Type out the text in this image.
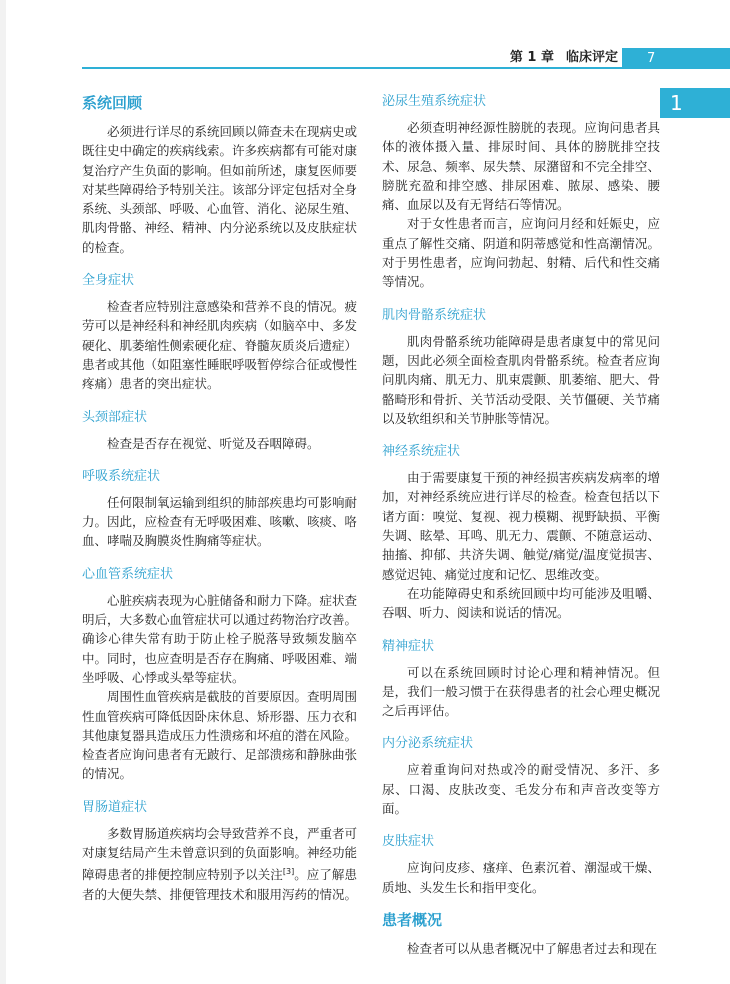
第 1 章 临床评定	7
1
系统回顾

必须进行详尽的系统回顾以筛查未在现病史或既往史中确定的疾病线索。许多疾病都有可能对康复治疗产生负面的影响。但如前所述，康复医师要对某些障碍给予特别关注。该部分评定包括对全身系统、头颈部、呼吸、心血管、消化、泌尿生殖、肌肉骨骼、神经、精神、内分泌系统以及皮肤症状的检查。

全身症状

检查者应特别注意感染和营养不良的情况。疲劳可以是神经科和神经肌肉疾病（如脑卒中、多发硬化、肌萎缩性侧索硬化症、脊髓灰质炎后遗症）患者或其他（如阻塞性睡眠呼吸暂停综合征或慢性疼痛）患者的突出症状。

头颈部症状

检查是否存在视觉、听觉及吞咽障碍。

呼吸系统症状

任何限制氧运输到组织的肺部疾患均可影响耐力。因此，应检查有无呼吸困难、咳嗽、咳痰、咯血、哮喘及胸膜炎性胸痛等症状。

心血管系统症状

心脏疾病表现为心脏储备和耐力下降。症状查明后，大多数心血管症状可以通过药物治疗改善。确诊心律失常有助于防止栓子脱落导致频发脑卒中。同时，也应查明是否存在胸痛、呼吸困难、端坐呼吸、心悸或头晕等症状。

周围性血管疾病是截肢的首要原因。查明周围性血管疾病可降低因卧床休息、矫形器、压力衣和其他康复器具造成压力性溃疡和坏疽的潜在风险。检查者应询问患者有无跛行、足部溃疡和静脉曲张的情况。

胃肠道症状

多数胃肠道疾病均会导致营养不良，严重者可对康复结局产生未曾意识到的负面影响。神经功能障碍患者的排便控制应特别予以关注[3]。应了解患者的大便失禁、排便管理技术和服用泻药的情况。

泌尿生殖系统症状

必须查明神经源性膀胱的表现。应询问患者具体的液体摄入量、排尿时间、具体的膀胱排空技术、尿急、频率、尿失禁、尿潴留和不完全排空、膀胱充盈和排空感、排尿困难、脓尿、感染、腰痛、血尿以及有无肾结石等情况。

对于女性患者而言，应询问月经和妊娠史，应重点了解性交痛、阴道和阴蒂感觉和性高潮情况。对于男性患者，应询问勃起、射精、后代和性交痛等情况。

肌肉骨骼系统症状

肌肉骨骼系统功能障碍是患者康复中的常见问题，因此必须全面检查肌肉骨骼系统。检查者应询问肌肉痛、肌无力、肌束震颤、肌萎缩、肥大、骨骼畸形和骨折、关节活动受限、关节僵硬、关节痛以及软组织和关节肿胀等情况。

神经系统症状

由于需要康复干预的神经损害疾病发病率的增加，对神经系统应进行详尽的检查。检查包括以下诸方面：嗅觉、复视、视力模糊、视野缺损、平衡失调、眩晕、耳鸣、肌无力、震颤、不随意运动、抽搐、抑郁、共济失调、触觉/痛觉/温度觉损害、感觉迟钝、痛觉过度和记忆、思维改变。

在功能障碍史和系统回顾中均可能涉及咀嚼、吞咽、听力、阅读和说话的情况。

精神症状

可以在系统回顾时讨论心理和精神情况。但是，我们一般习惯于在获得患者的社会心理史概况之后再评估。

内分泌系统症状

应着重询问对热或冷的耐受情况、多汗、多尿、口渴、皮肤改变、毛发分布和声音改变等方面。

皮肤症状

应询问皮疹、瘙痒、色素沉着、潮湿或干燥、质地、头发生长和指甲变化。

患者概况

检查者可以从患者概况中了解患者过去和现在
